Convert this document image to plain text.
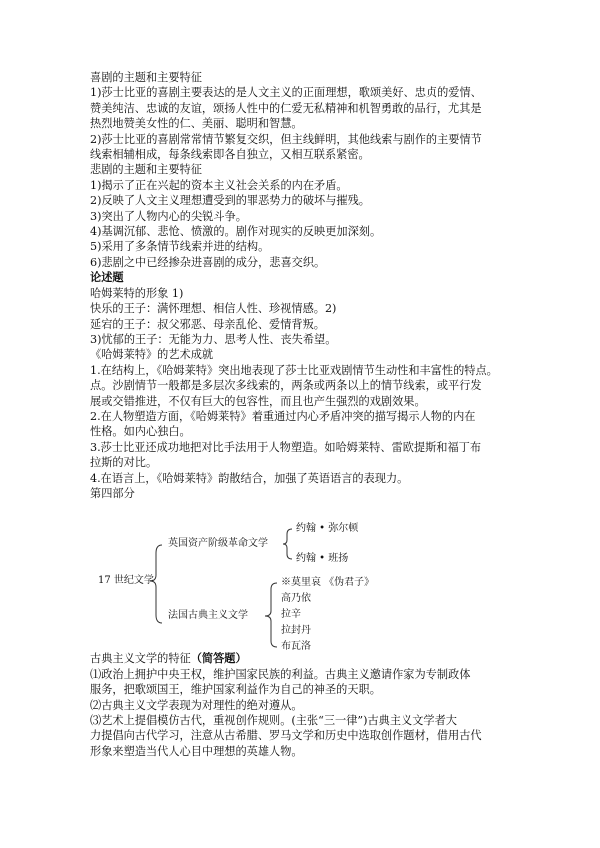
喜剧的主题和主要特征

1)莎士比亚的喜剧主要表达的是人文主义的正面理想，歌颂美好、忠贞的爱情、

赞美纯洁、忠诚的友谊，颂扬人性中的仁爱无私精神和机智勇敢的品行，尤其是

热烈地赞美女性的仁、美丽、聪明和智慧。

2)莎士比亚的喜剧常常情节繁复交织，但主线鲜明，其他线索与剧作的主要情节

线索相辅相成，每条线索即各自独立，又相互联系紧密。

悲剧的主题和主要特征

1)揭示了正在兴起的资本主义社会关系的内在矛盾。

2)反映了人文主义理想遭受到的罪恶势力的破坏与摧残。

3)突出了人物内心的尖锐斗争。

4)基调沉郁、悲怆、愤激的。剧作对现实的反映更加深刻。

5)采用了多条情节线索并进的结构。

6)悲剧之中已经掺杂进喜剧的成分，悲喜交织。

论述题

哈姆莱特的形象 1)

快乐的王子：满怀理想、相信人性、珍视情感。2)

延宕的王子：叔父邪恶、母亲乱伦、爱情背叛。

3)忧郁的王子：无能为力、思考人性、丧失希望。

《哈姆莱特》的艺术成就

1.在结构上，《哈姆莱特》突出地表现了莎士比亚戏剧情节生动性和丰富性的特点。

点。沙剧情节一般都是多层次多线索的，两条或两条以上的情节线索，或平行发

展或交错推进，不仅有巨大的包容性，而且也产生强烈的戏剧效果。

2.在人物塑造方面，《哈姆莱特》着重通过内心矛盾冲突的描写揭示人物的内在

性格。如内心独白。

3.莎士比亚还成功地把对比手法用于人物塑造。如哈姆莱特、雷欧提斯和福丁布

拉斯的对比。

4.在语言上，《哈姆莱特》韵散结合，加强了英语语言的表现力。

第四部分

17 世纪文学
英国资产阶级革命文学
约翰 • 弥尔顿
约翰 • 班扬
法国古典主义文学
※莫里哀 《伪君子》
高乃依
拉辛
拉封丹
布瓦洛

古典主义文学的特征（简答题）

⑴政治上拥护中央王权，维护国家民族的利益。古典主义邀请作家为专制政体

服务，把歌颂国王，维护国家利益作为自己的神圣的天职。

⑵古典主义文学表现为对理性的绝对遵从。

⑶艺术上提倡模仿古代，重视创作规则。(主张“三一律”)古典主义文学者大

力提倡向古代学习，注意从古希腊、罗马文学和历史中选取创作题材，借用古代

形象来塑造当代人心目中理想的英雄人物。
